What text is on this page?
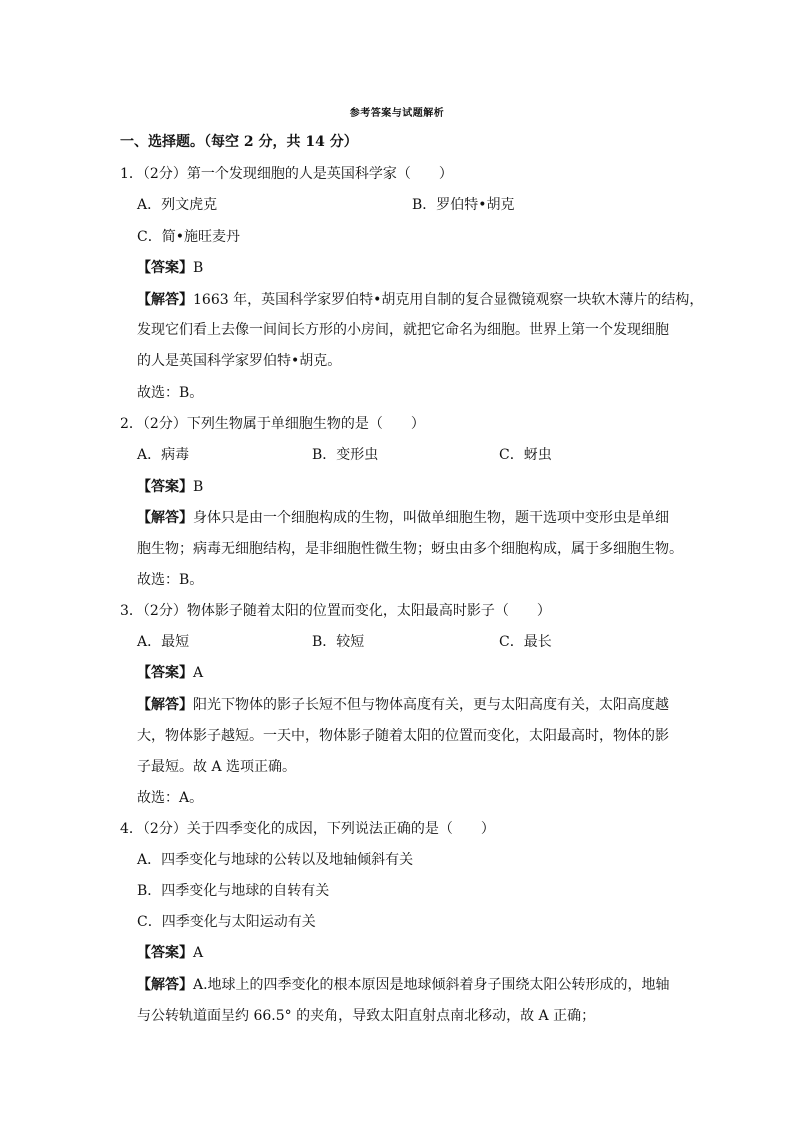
参考答案与试题解析
一、选择题。（每空 2 分，共 14 分）
1．（2分）第一个发现细胞的人是英国科学家（　　）
A．列文虎克	B．罗伯特•胡克
C．简•施旺麦丹
【答案】B
【解答】1663 年，英国科学家罗伯特•胡克用自制的复合显微镜观察一块软木薄片的结构，
发现它们看上去像一间间长方形的小房间，就把它命名为细胞。世界上第一个发现细胞
的人是英国科学家罗伯特•胡克。
故选：B。
2．（2分）下列生物属于单细胞生物的是（　　）
A．病毒	B．变形虫	C．蚜虫
【答案】B
【解答】身体只是由一个细胞构成的生物，叫做单细胞生物，题干选项中变形虫是单细
胞生物；病毒无细胞结构，是非细胞性微生物；蚜虫由多个细胞构成，属于多细胞生物。
故选：B。
3．（2分）物体影子随着太阳的位置而变化，太阳最高时影子（　　）
A．最短	B．较短	C．最长
【答案】A
【解答】阳光下物体的影子长短不但与物体高度有关，更与太阳高度有关，太阳高度越
大，物体影子越短。一天中，物体影子随着太阳的位置而变化，太阳最高时，物体的影
子最短。故 A 选项正确。
故选：A。
4．（2分）关于四季变化的成因，下列说法正确的是（　　）
A．四季变化与地球的公转以及地轴倾斜有关
B．四季变化与地球的自转有关
C．四季变化与太阳运动有关
【答案】A
【解答】A.地球上的四季变化的根本原因是地球倾斜着身子围绕太阳公转形成的，地轴
与公转轨道面呈约 66.5° 的夹角，导致太阳直射点南北移动，故 A 正确；
